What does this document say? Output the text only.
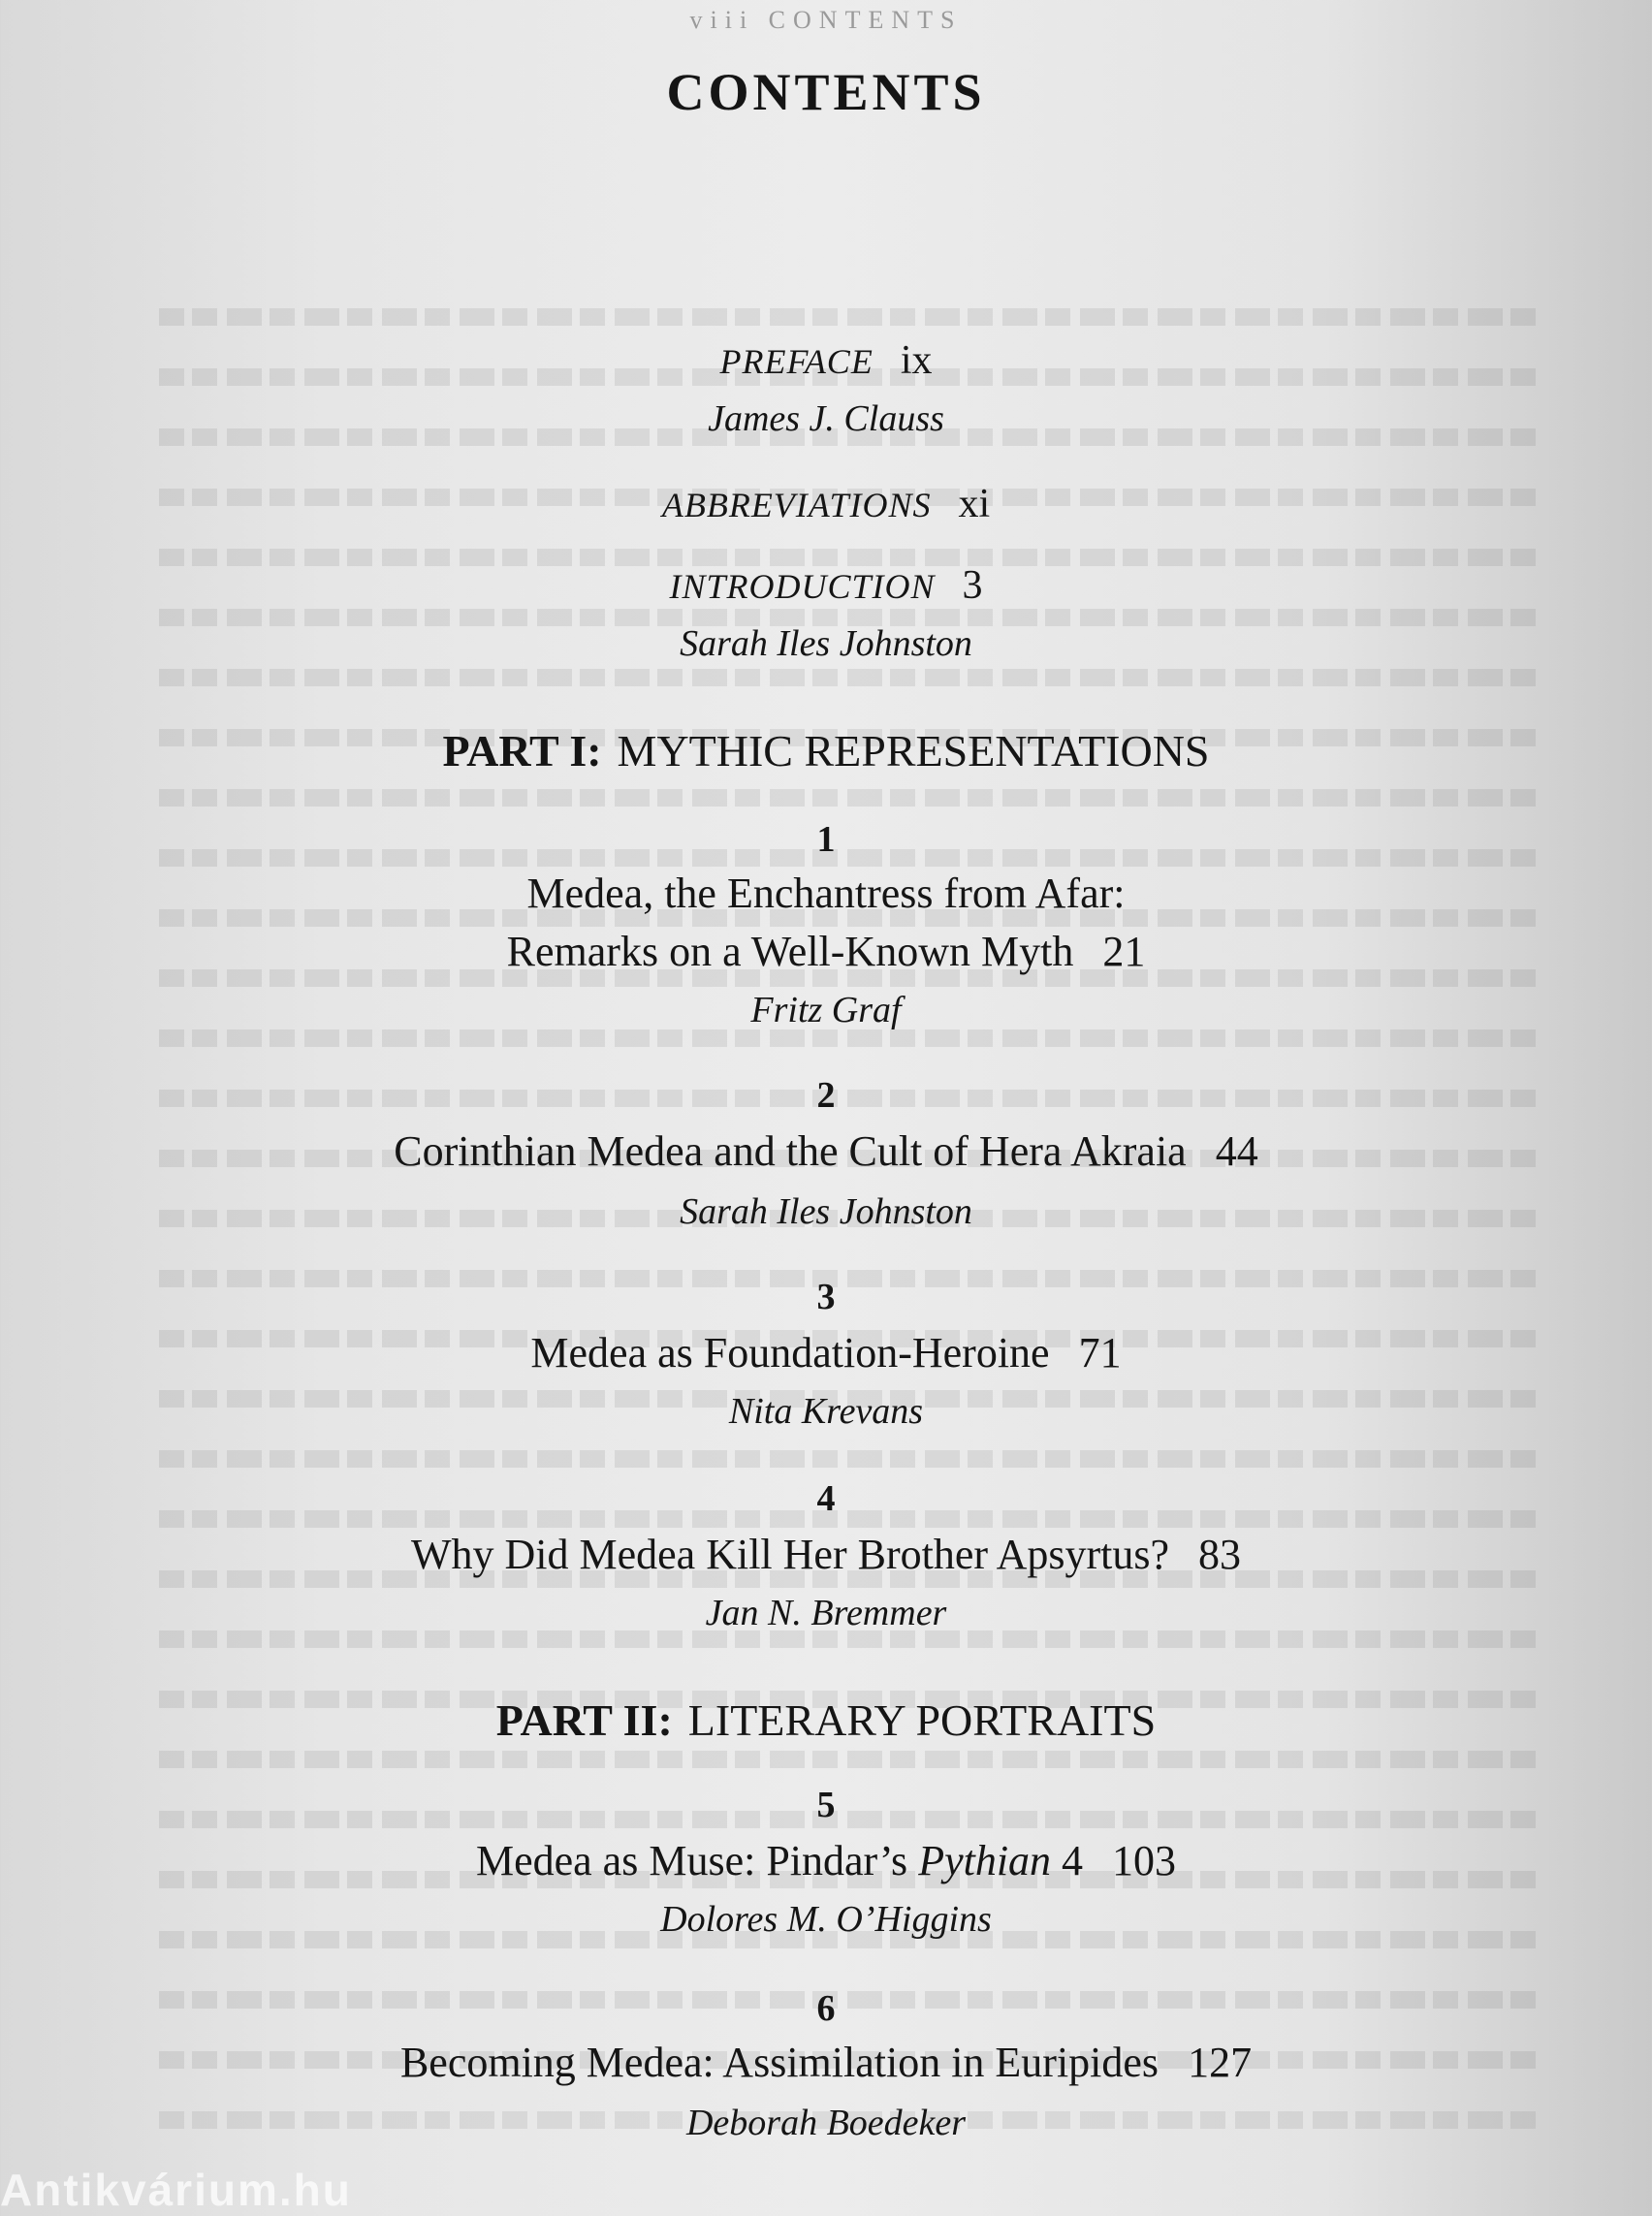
viii CONTENTS
CONTENTS
PREFACE ix
James J. Clauss
ABBREVIATIONS xi
INTRODUCTION 3
Sarah Iles Johnston
PART I: MYTHIC REPRESENTATIONS
1
Medea, the Enchantress from Afar:
Remarks on a Well-Known Myth 21
Fritz Graf
2
Corinthian Medea and the Cult of Hera Akraia 44
Sarah Iles Johnston
3
Medea as Foundation-Heroine 71
Nita Krevans
4
Why Did Medea Kill Her Brother Apsyrtus? 83
Jan N. Bremmer
PART II: LITERARY PORTRAITS
5
Medea as Muse: Pindar’s Pythian 4 103
Dolores M. O’Higgins
6
Becoming Medea: Assimilation in Euripides 127
Deborah Boedeker
Antikvárium.hu
